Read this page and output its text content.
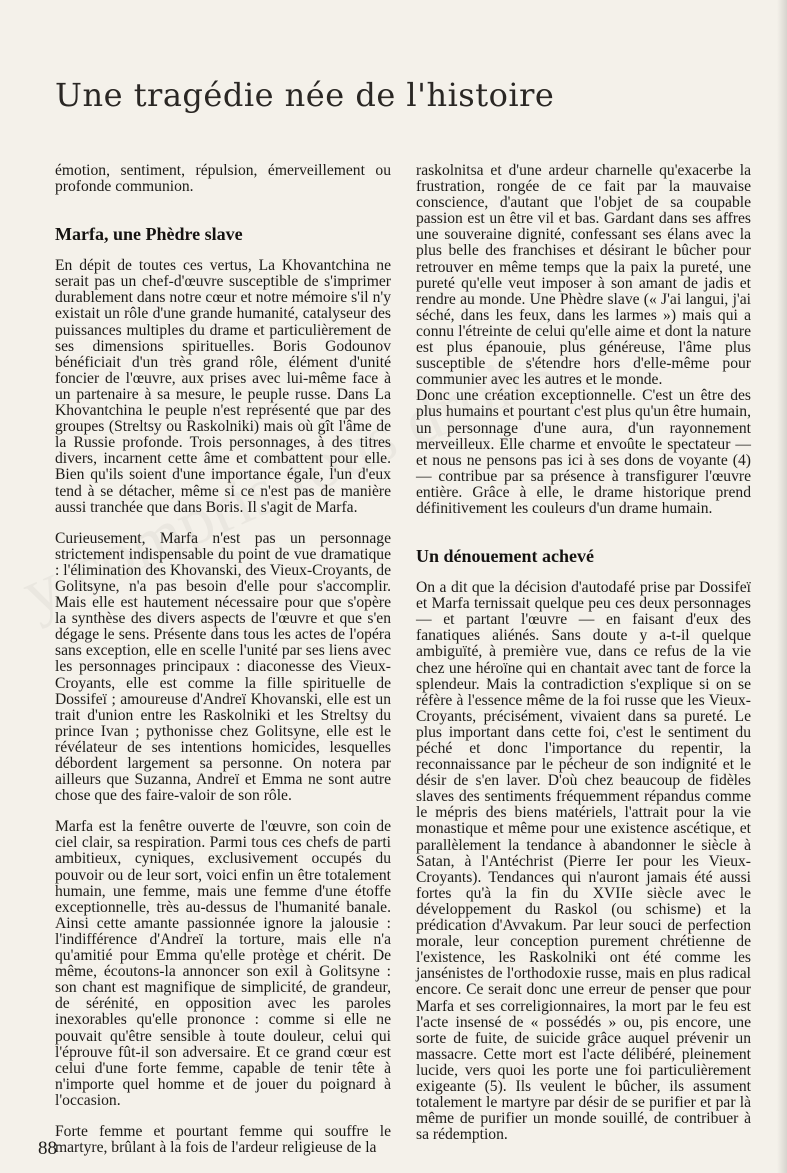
Une tragédie née de l'histoire

émotion, sentiment, répulsion, émerveillement ou profonde communion.

Marfa, une Phèdre slave

En dépit de toutes ces vertus, La Khovantchina ne serait pas un chef-d'œuvre susceptible de s'imprimer durablement dans notre cœur et notre mémoire s'il n'y existait un rôle d'une grande humanité, catalyseur des puissances multiples du drame et particulièrement de ses dimensions spirituelles. Boris Godounov bénéficiait d'un très grand rôle, élément d'unité foncier de l'œuvre, aux prises avec lui-même face à un partenaire à sa mesure, le peuple russe. Dans La Khovantchina le peuple n'est représenté que par des groupes (Streltsy ou Raskolniki) mais où gît l'âme de la Russie profonde. Trois personnages, à des titres divers, incarnent cette âme et combattent pour elle. Bien qu'ils soient d'une importance égale, l'un d'eux tend à se détacher, même si ce n'est pas de manière aussi tranchée que dans Boris. Il s'agit de Marfa.

Curieusement, Marfa n'est pas un personnage strictement indispensable du point de vue dramatique : l'élimination des Khovanski, des Vieux-Croyants, de Golitsyne, n'a pas besoin d'elle pour s'accomplir. Mais elle est hautement nécessaire pour que s'opère la synthèse des divers aspects de l'œuvre et que s'en dégage le sens. Présente dans tous les actes de l'opéra sans exception, elle en scelle l'unité par ses liens avec les personnages principaux : diaconesse des Vieux-Croyants, elle est comme la fille spirituelle de Dossifeï ; amoureuse d'Andreï Khovanski, elle est un trait d'union entre les Raskolniki et les Streltsy du prince Ivan ; pythonisse chez Golitsyne, elle est le révélateur de ses intentions homicides, lesquelles débordent largement sa personne. On notera par ailleurs que Suzanna, Andreï et Emma ne sont autre chose que des faire-valoir de son rôle.

Marfa est la fenêtre ouverte de l'œuvre, son coin de ciel clair, sa respiration. Parmi tous ces chefs de parti ambitieux, cyniques, exclusivement occupés du pouvoir ou de leur sort, voici enfin un être totalement humain, une femme, mais une femme d'une étoffe exceptionnelle, très au-dessus de l'humanité banale. Ainsi cette amante passionnée ignore la jalousie : l'indifférence d'Andreï la torture, mais elle n'a qu'amitié pour Emma qu'elle protège et chérit. De même, écoutons-la annoncer son exil à Golitsyne : son chant est magnifique de simplicité, de grandeur, de sérénité, en opposition avec les paroles inexorables qu'elle prononce : comme si elle ne pouvait qu'être sensible à toute douleur, celui qui l'éprouve fût-il son adversaire. Et ce grand cœur est celui d'une forte femme, capable de tenir tête à n'importe quel homme et de jouer du poignard à l'occasion.

Forte femme et pourtant femme qui souffre le martyre, brûlant à la fois de l'ardeur religieuse de la

raskolnitsa et d'une ardeur charnelle qu'exacerbe la frustration, rongée de ce fait par la mauvaise conscience, d'autant que l'objet de sa coupable passion est un être vil et bas. Gardant dans ses affres une souveraine dignité, confessant ses élans avec la plus belle des franchises et désirant le bûcher pour retrouver en même temps que la paix la pureté, une pureté qu'elle veut imposer à son amant de jadis et rendre au monde. Une Phèdre slave (« J'ai langui, j'ai séché, dans les feux, dans les larmes ») mais qui a connu l'étreinte de celui qu'elle aime et dont la nature est plus épanouie, plus généreuse, l'âme plus susceptible de s'étendre hors d'elle-même pour communier avec les autres et le monde.

Donc une création exceptionnelle. C'est un être des plus humains et pourtant c'est plus qu'un être humain, un personnage d'une aura, d'un rayonnement merveilleux. Elle charme et envoûte le spectateur — et nous ne pensons pas ici à ses dons de voyante (4) — contribue par sa présence à transfigurer l'œuvre entière. Grâce à elle, le drame historique prend définitivement les couleurs d'un drame humain.

Un dénouement achevé

On a dit que la décision d'autodafé prise par Dossifeï et Marfa ternissait quelque peu ces deux personnages — et partant l'œuvre — en faisant d'eux des fanatiques aliénés. Sans doute y a-t-il quelque ambiguïté, à première vue, dans ce refus de la vie chez une héroïne qui en chantait avec tant de force la splendeur. Mais la contradiction s'explique si on se réfère à l'essence même de la foi russe que les Vieux-Croyants, précisément, vivaient dans sa pureté. Le plus important dans cette foi, c'est le sentiment du péché et donc l'importance du repentir, la reconnaissance par le pécheur de son indignité et le désir de s'en laver. D'où chez beaucoup de fidèles slaves des sentiments fréquemment répandus comme le mépris des biens matériels, l'attrait pour la vie monastique et même pour une existence ascétique, et parallèlement la tendance à abandonner le siècle à Satan, à l'Antéchrist (Pierre Ier pour les Vieux-Croyants). Tendances qui n'auront jamais été aussi fortes qu'à la fin du XVIIe siècle avec le développement du Raskol (ou schisme) et la prédication d'Avvakum. Par leur souci de perfection morale, leur conception purement chrétienne de l'existence, les Raskolniki ont été comme les jansénistes de l'orthodoxie russe, mais en plus radical encore. Ce serait donc une erreur de penser que pour Marfa et ses correligionnaires, la mort par le feu est l'acte insensé de « possédés » ou, pis encore, une sorte de fuite, de suicide grâce auquel prévenir un massacre. Cette mort est l'acte délibéré, pleinement lucide, vers quoi les porte une foi particulièrement exigeante (5). Ils veulent le bûcher, ils assument totalement le martyre par désir de se purifier et par là même de purifier un monde souillé, de contribuer à sa rédemption.

88
